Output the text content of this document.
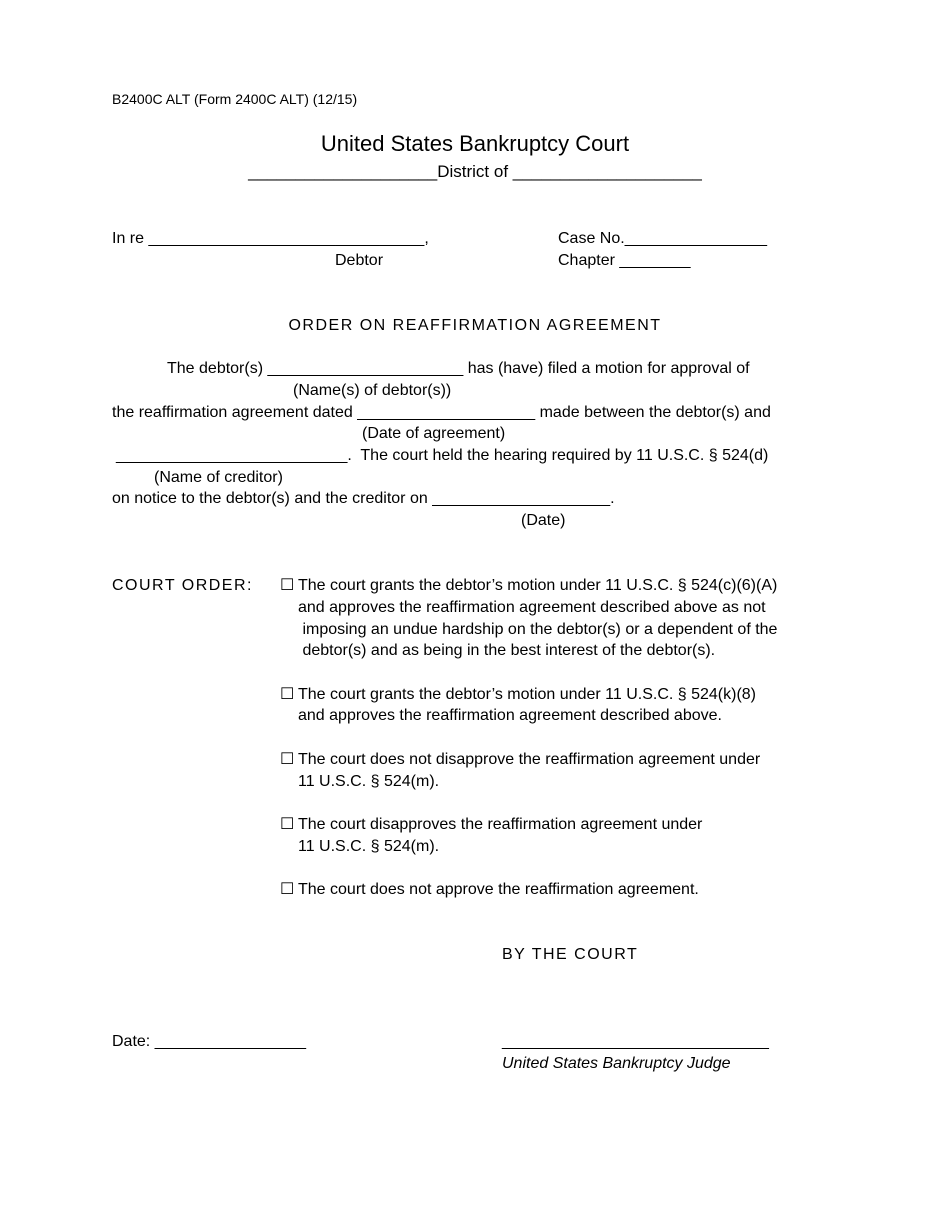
B2400C ALT (Form 2400C ALT) (12/15)
United States Bankruptcy Court
____________________District of ____________________
In re _______________________________,
Debtor
Case No.________________
Chapter ________
ORDER ON REAFFIRMATION AGREEMENT
The debtor(s) ______________________ has (have) filed a motion for approval of
(Name(s) of debtor(s))
the reaffirmation agreement dated ____________________ made between the debtor(s) and
(Date of agreement)
__________________________.  The court held the hearing required by 11 U.S.C. § 524(d)
(Name of creditor)
on notice to the debtor(s) and the creditor on ____________________.
(Date)
COURT ORDER: ☐ The court grants the debtor’s motion under 11 U.S.C. § 524(c)(6)(A)
and approves the reaffirmation agreement described above as not
imposing an undue hardship on the debtor(s) or a dependent of the
debtor(s) and as being in the best interest of the debtor(s).
☐ The court grants the debtor’s motion under 11 U.S.C. § 524(k)(8)
and approves the reaffirmation agreement described above.
☐ The court does not disapprove the reaffirmation agreement under
11 U.S.C. § 524(m).
☐ The court disapproves the reaffirmation agreement under
11 U.S.C. § 524(m).
☐ The court does not approve the reaffirmation agreement.
BY THE COURT
Date: _________________	______________________________
United States Bankruptcy Judge
